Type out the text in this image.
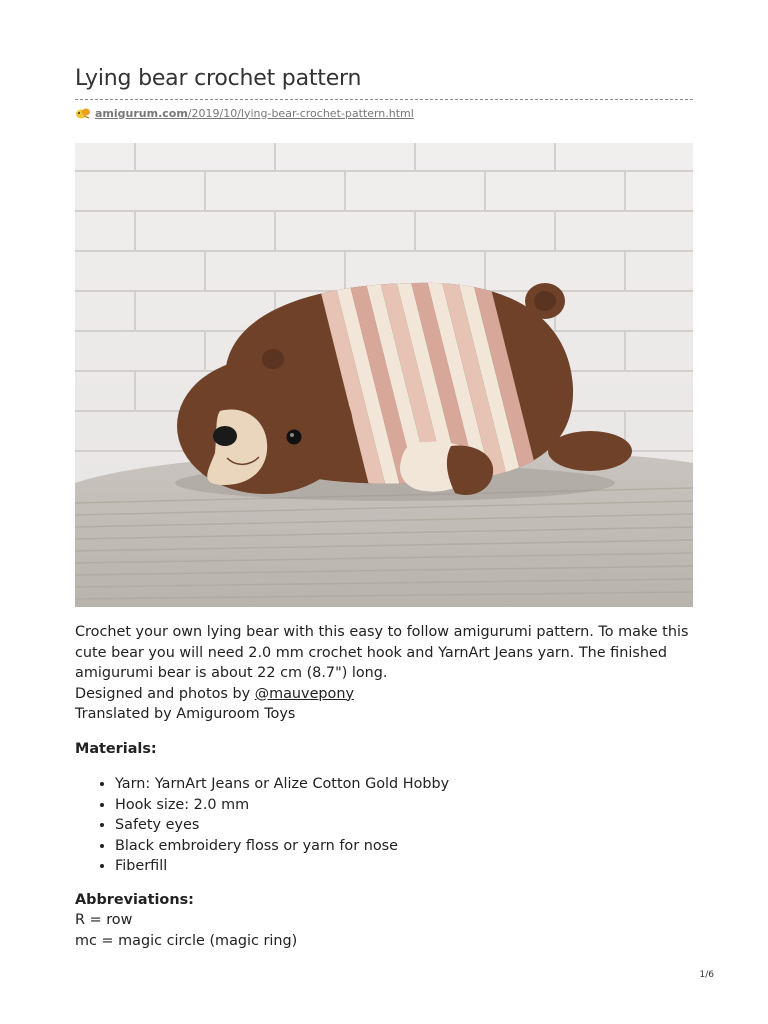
Lying bear crochet pattern
amigurum.com/2019/10/lying-bear-crochet-pattern.html

Crochet your own lying bear with this easy to follow amigurumi pattern. To make this cute bear you will need 2.0 mm crochet hook and YarnArt Jeans yarn. The finished amigurumi bear is about 22 cm (8.7") long.

Designed and photos by @mauvepony

Translated by Amiguroom Toys

Materials:

• Yarn: YarnArt Jeans or Alize Cotton Gold Hobby
• Hook size: 2.0 mm
• Safety eyes
• Black embroidery floss or yarn for nose
• Fiberfill

Abbreviations:

R = row

mc = magic circle (magic ring)

1/6
